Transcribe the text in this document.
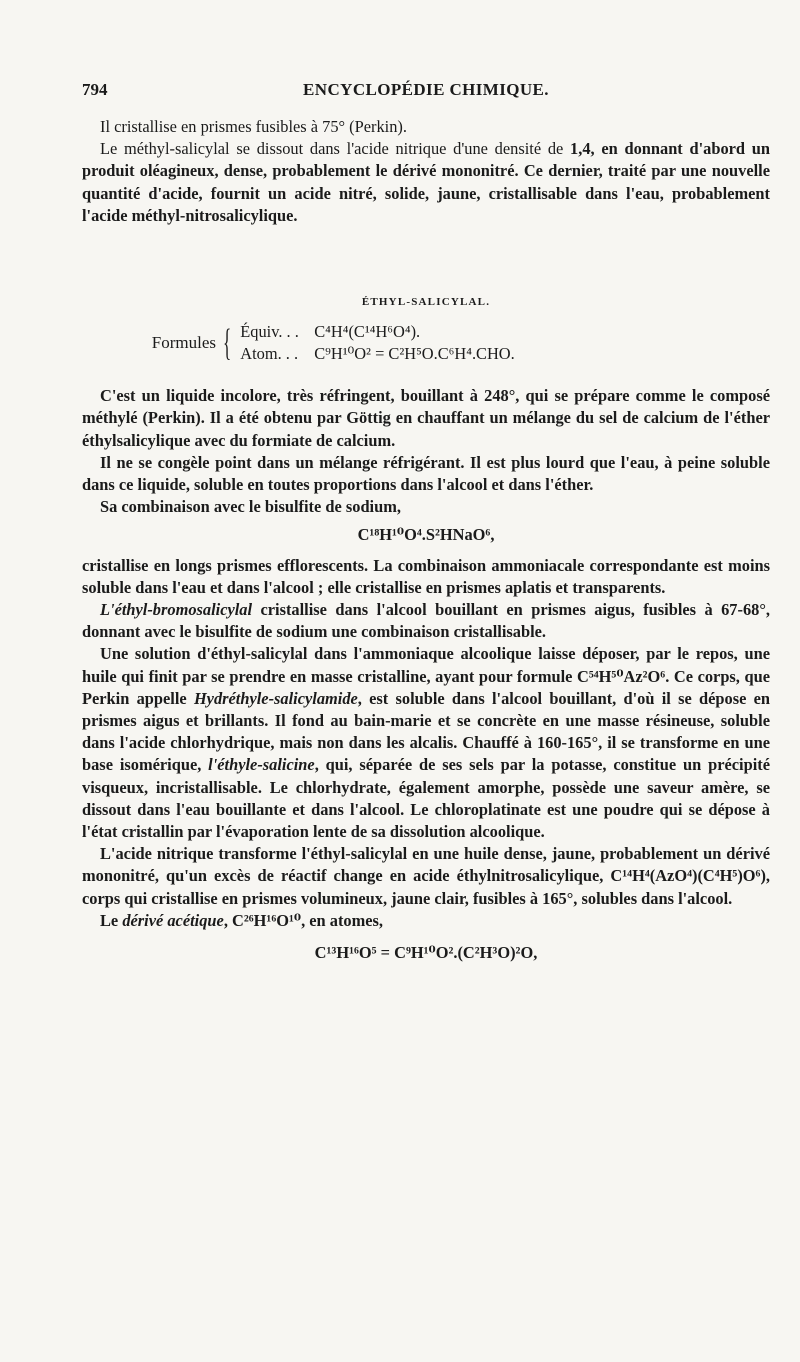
794	ENCYCLOPÉDIE CHIMIQUE.

Il cristallise en prismes fusibles à 75° (Perkin).

Le méthyl-salicylal se dissout dans l'acide nitrique d'une densité de 1,4, en donnant d'abord un produit oléagineux, dense, probablement le dérivé mononitré. Ce dernier, traité par une nouvelle quantité d'acide, fournit un acide nitré, solide, jaune, cristallisable dans l'eau, probablement l'acide méthyl-nitrosalicylique.

ÉTHYL-SALICYLAL.

Formules { Équiv. . . C⁴H⁴(C¹⁴H⁶O⁴).
Atom. . . C⁹H¹⁰O² = C²H⁵O.C⁶H⁴.CHO.

C'est un liquide incolore, très réfringent, bouillant à 248°, qui se prépare comme le composé méthylé (Perkin). Il a été obtenu par Göttig en chauffant un mélange du sel de calcium de l'éther éthylsalicylique avec du formiate de calcium.

Il ne se congèle point dans un mélange réfrigérant. Il est plus lourd que l'eau, à peine soluble dans ce liquide, soluble en toutes proportions dans l'alcool et dans l'éther.

Sa combinaison avec le bisulfite de sodium,

C¹⁸H¹⁰O⁴.S²HNaO⁶,

cristallise en longs prismes efflorescents. La combinaison ammoniacale correspondante est moins soluble dans l'eau et dans l'alcool ; elle cristallise en prismes aplatis et transparents.

L'éthyl-bromosalicylal cristallise dans l'alcool bouillant en prismes aigus, fusibles à 67-68°, donnant avec le bisulfite de sodium une combinaison cristallisable.

Une solution d'éthyl-salicylal dans l'ammoniaque alcoolique laisse déposer, par le repos, une huile qui finit par se prendre en masse cristalline, ayant pour formule C⁵⁴H⁵⁰Az²O⁶. Ce corps, que Perkin appelle Hydréthyle-salicylamide, est soluble dans l'alcool bouillant, d'où il se dépose en prismes aigus et brillants. Il fond au bain-marie et se concrète en une masse résineuse, soluble dans l'acide chlorhydrique, mais non dans les alcalis. Chauffé à 160-165°, il se transforme en une base isomérique, l'éthyle-salicine, qui, séparée de ses sels par la potasse, constitue un précipité visqueux, incristallisable. Le chlorhydrate, également amorphe, possède une saveur amère, se dissout dans l'eau bouillante et dans l'alcool. Le chloroplatinate est une poudre qui se dépose à l'état cristallin par l'évaporation lente de sa dissolution alcoolique.

L'acide nitrique transforme l'éthyl-salicylal en une huile dense, jaune, probablement un dérivé mononitré, qu'un excès de réactif change en acide éthylnitrosalicylique, C¹⁴H⁴(AzO⁴)(C⁴H⁵)O⁶), corps qui cristallise en prismes volumineux, jaune clair, fusibles à 165°, solubles dans l'alcool.

Le dérivé acétique, C²⁶H¹⁶O¹⁰, en atomes,

C¹³H¹⁶O⁵ = C⁹H¹⁰O².(C²H³O)²O,
